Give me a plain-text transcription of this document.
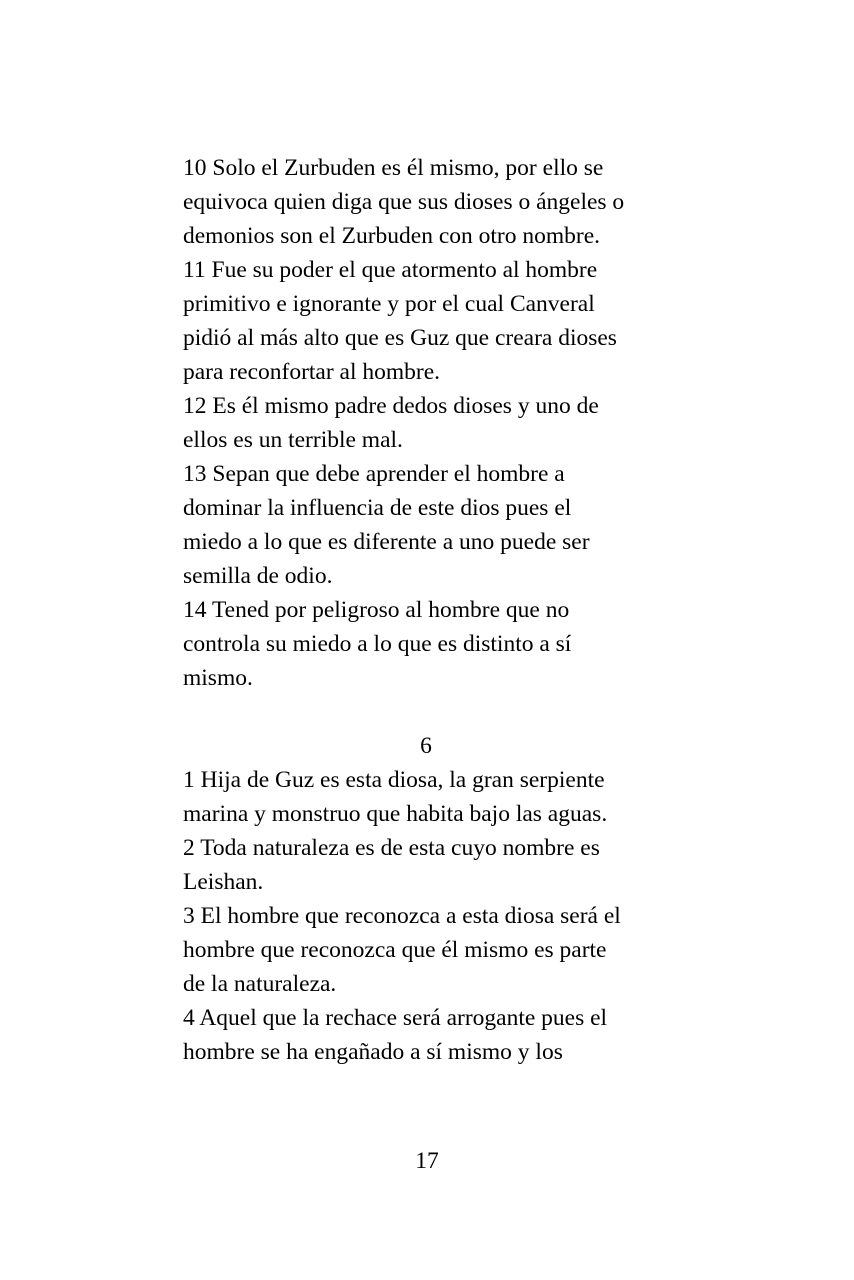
10 Solo el Zurbuden es él mismo, por ello se
equivoca quien diga que sus dioses o ángeles o
demonios son el Zurbuden con otro nombre.
11 Fue su poder el que atormento al hombre
primitivo e ignorante y por el cual Canveral
pidió al más alto que es Guz que creara dioses
para reconfortar al hombre.
12 Es él mismo padre dedos dioses y uno de
ellos es un terrible mal.
13 Sepan que debe aprender el hombre a
dominar la influencia de este dios pues el
miedo a lo que es diferente a uno puede ser
semilla de odio.
14 Tened por peligroso al hombre que no
controla su miedo a lo que es distinto a sí
mismo.
6
1 Hija de Guz es esta diosa, la gran serpiente
marina y monstruo que habita bajo las aguas.
2 Toda naturaleza es de esta cuyo nombre es
Leishan.
3 El hombre que reconozca a esta diosa será el
hombre que reconozca que él mismo es parte
de la naturaleza.
4 Aquel que la rechace será arrogante pues el
hombre se ha engañado a sí mismo y los
17
